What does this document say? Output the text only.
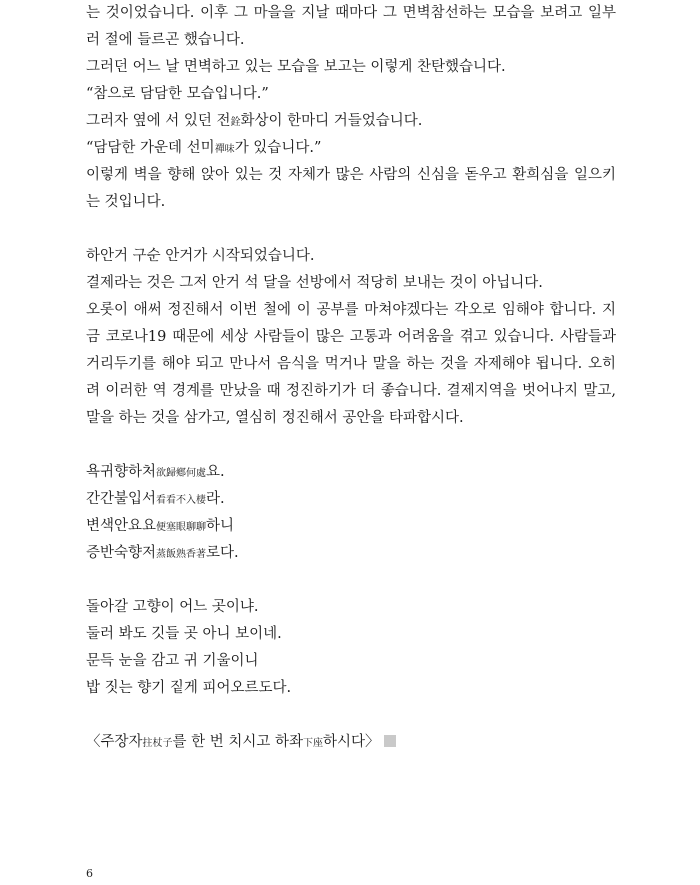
는 것이었습니다. 이후 그 마을을 지날 때마다 그 면벽참선하는 모습을 보려고 일부
러 절에 들르곤 했습니다.
그러던 어느 날 면벽하고 있는 모습을 보고는 이렇게 찬탄했습니다.
“참으로 담담한 모습입니다.”
그러자 옆에 서 있던 전銓화상이 한마디 거들었습니다.
“담담한 가운데 선미禪味가 있습니다.”
이렇게 벽을 향해 앉아 있는 것 자체가 많은 사람의 신심을 돋우고 환희심을 일으키
는 것입니다.
하안거 구순 안거가 시작되었습니다.
결제라는 것은 그저 안거 석 달을 선방에서 적당히 보내는 것이 아닙니다.
오롯이 애써 정진해서 이번 철에 이 공부를 마쳐야겠다는 각오로 임해야 합니다. 지
금 코로나19 때문에 세상 사람들이 많은 고통과 어려움을 겪고 있습니다. 사람들과
거리두기를 해야 되고 만나서 음식을 먹거나 말을 하는 것을 자제해야 됩니다. 오히
려 이러한 역 경계를 만났을 때 정진하기가 더 좋습니다. 결제지역을 벗어나지 말고,
말을 하는 것을 삼가고, 열심히 정진해서 공안을 타파합시다.
욕귀향하처欲歸鄕何處요.
간간불입서看看不入棲라.
변색안요요便塞眼聊聊하니
증반숙향저蒸飯熟香著로다.
돌아갈 고향이 어느 곳이냐.
둘러 봐도 깃들 곳 아니 보이네.
문득 눈을 감고 귀 기울이니
밥 짓는 향기 짙게 피어오르도다.
〈주장자拄杖子를 한 번 치시고 하좌下座하시다〉
6
